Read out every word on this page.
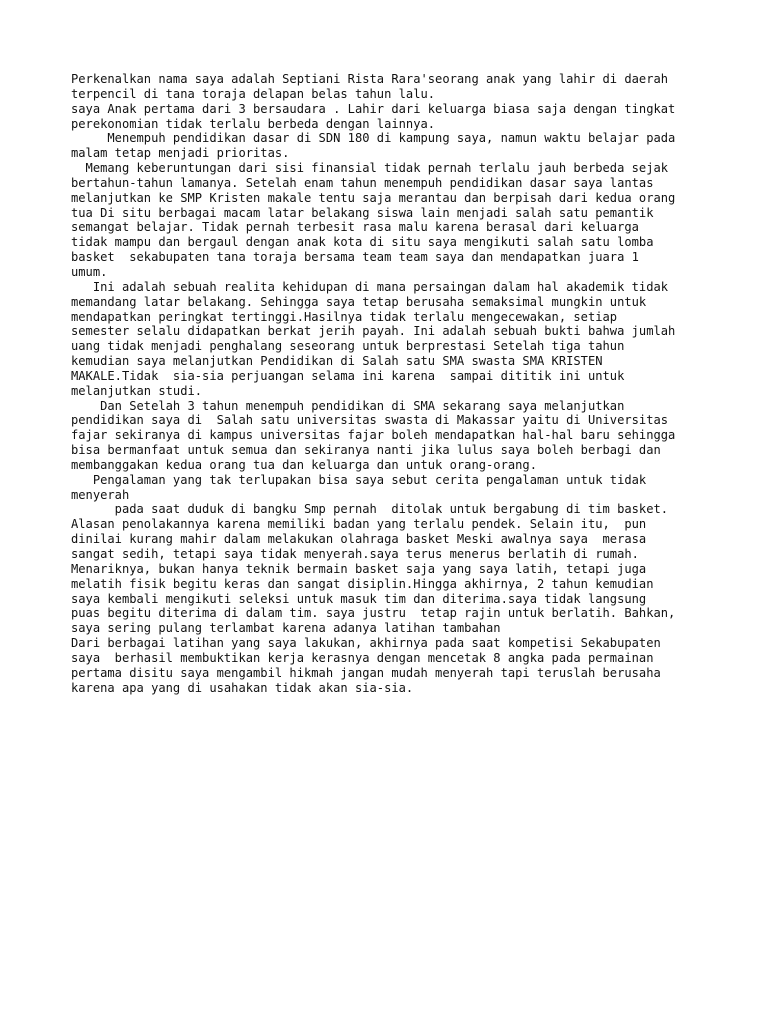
Perkenalkan nama saya adalah Septiani Rista Rara'seorang anak yang lahir di daerah
terpencil di tana toraja delapan belas tahun lalu.
saya Anak pertama dari 3 bersaudara . Lahir dari keluarga biasa saja dengan tingkat
perekonomian tidak terlalu berbeda dengan lainnya.
Menempuh pendidikan dasar di SDN 180 di kampung saya, namun waktu belajar pada
malam tetap menjadi prioritas.
Memang keberuntungan dari sisi finansial tidak pernah terlalu jauh berbeda sejak
bertahun-tahun lamanya. Setelah enam tahun menempuh pendidikan dasar saya lantas
melanjutkan ke SMP Kristen makale tentu saja merantau dan berpisah dari kedua orang
tua Di situ berbagai macam latar belakang siswa lain menjadi salah satu pemantik
semangat belajar. Tidak pernah terbesit rasa malu karena berasal dari keluarga
tidak mampu dan bergaul dengan anak kota di situ saya mengikuti salah satu lomba
basket  sekabupaten tana toraja bersama team team saya dan mendapatkan juara 1
umum.
Ini adalah sebuah realita kehidupan di mana persaingan dalam hal akademik tidak
memandang latar belakang. Sehingga saya tetap berusaha semaksimal mungkin untuk
mendapatkan peringkat tertinggi.Hasilnya tidak terlalu mengecewakan, setiap
semester selalu didapatkan berkat jerih payah. Ini adalah sebuah bukti bahwa jumlah
uang tidak menjadi penghalang seseorang untuk berprestasi Setelah tiga tahun
kemudian saya melanjutkan Pendidikan di Salah satu SMA swasta SMA KRISTEN
MAKALE.Tidak  sia-sia perjuangan selama ini karena  sampai dititik ini untuk
melanjutkan studi.
Dan Setelah 3 tahun menempuh pendidikan di SMA sekarang saya melanjutkan
pendidikan saya di  Salah satu universitas swasta di Makassar yaitu di Universitas
fajar sekiranya di kampus universitas fajar boleh mendapatkan hal-hal baru sehingga
bisa bermanfaat untuk semua dan sekiranya nanti jika lulus saya boleh berbagi dan
membanggakan kedua orang tua dan keluarga dan untuk orang-orang.
Pengalaman yang tak terlupakan bisa saya sebut cerita pengalaman untuk tidak
menyerah
pada saat duduk di bangku Smp pernah  ditolak untuk bergabung di tim basket.
Alasan penolakannya karena memiliki badan yang terlalu pendek. Selain itu,  pun
dinilai kurang mahir dalam melakukan olahraga basket Meski awalnya saya  merasa
sangat sedih, tetapi saya tidak menyerah.saya terus menerus berlatih di rumah.
Menariknya, bukan hanya teknik bermain basket saja yang saya latih, tetapi juga
melatih fisik begitu keras dan sangat disiplin.Hingga akhirnya, 2 tahun kemudian
saya kembali mengikuti seleksi untuk masuk tim dan diterima.saya tidak langsung
puas begitu diterima di dalam tim. saya justru  tetap rajin untuk berlatih. Bahkan,
saya sering pulang terlambat karena adanya latihan tambahan
Dari berbagai latihan yang saya lakukan, akhirnya pada saat kompetisi Sekabupaten
saya  berhasil membuktikan kerja kerasnya dengan mencetak 8 angka pada permainan
pertama disitu saya mengambil hikmah jangan mudah menyerah tapi teruslah berusaha
karena apa yang di usahakan tidak akan sia-sia.
